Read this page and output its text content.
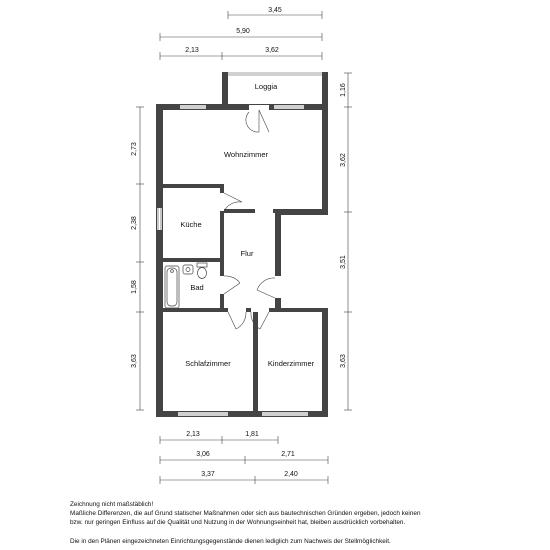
3,45
5,90
2,13	3,62
2,73
2,38
1,58
3,63
1,16
3,62
3,51
3,63
2,13	1,81
3,06	2,71
3,37	2,40
Loggia
Wohnzimmer
Küche
Flur
Bad
Schlafzimmer	Kinderzimmer

Zeichnung nicht maßstäblich!

Maßliche Differenzen, die auf Grund statischer Maßnahmen oder sich aus bautechnischen Gründen ergeben, jedoch keinen

bzw. nur geringen Einfluss auf die Qualität und Nutzung in der Wohnungseinheit hat, bleiben ausdrücklich vorbehalten.

Die in den Plänen eingezeichneten Einrichtungsgegenstände dienen lediglich zum Nachweis der Stellmöglichkeit.
